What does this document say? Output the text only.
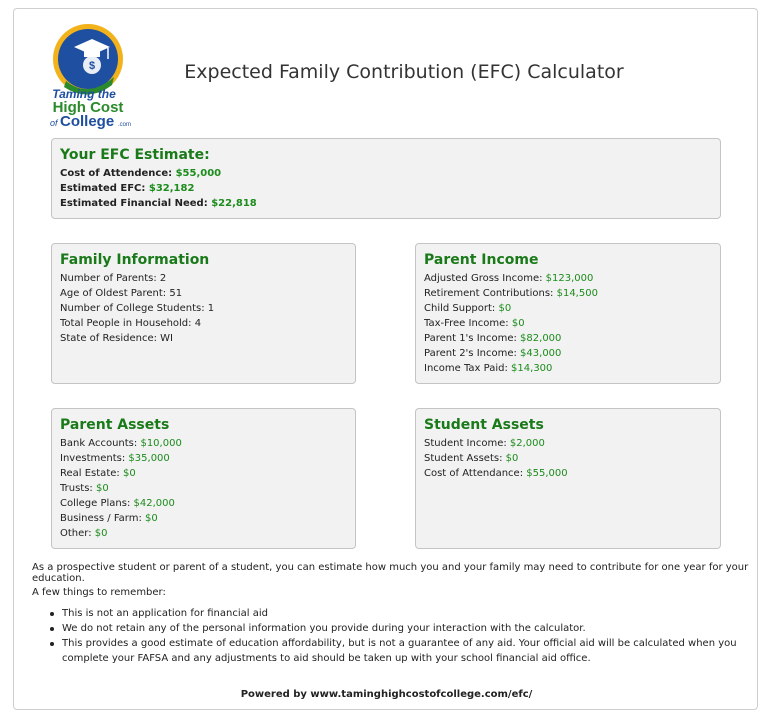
$
Taming the
High Cost
of College .com
Expected Family Contribution (EFC) Calculator
Your EFC Estimate:
Cost of Attendence: $55,000
Estimated EFC: $32,182
Estimated Financial Need: $22,818
Family Information
Number of Parents: 2
Age of Oldest Parent: 51
Number of College Students: 1
Total People in Household: 4
State of Residence: WI
Parent Income
Adjusted Gross Income: $123,000
Retirement Contributions: $14,500
Child Support: $0
Tax-Free Income: $0
Parent 1's Income: $82,000
Parent 2's Income: $43,000
Income Tax Paid: $14,300
Parent Assets
Bank Accounts: $10,000
Investments: $35,000
Real Estate: $0
Trusts: $0
College Plans: $42,000
Business / Farm: $0
Other: $0
Student Assets
Student Income: $2,000
Student Assets: $0
Cost of Attendance: $55,000

As a prospective student or parent of a student, you can estimate how much you and your family may need to contribute for one year for your education.

A few things to remember:

This is not an application for financial aid
We do not retain any of the personal information you provide during your interaction with the calculator.
This provides a good estimate of education affordability, but is not a guarantee of any aid. Your official aid will be calculated when you complete your FAFSA and any adjustments to aid should be taken up with your school financial aid office.
Powered by www.taminghighcostofcollege.com/efc/
